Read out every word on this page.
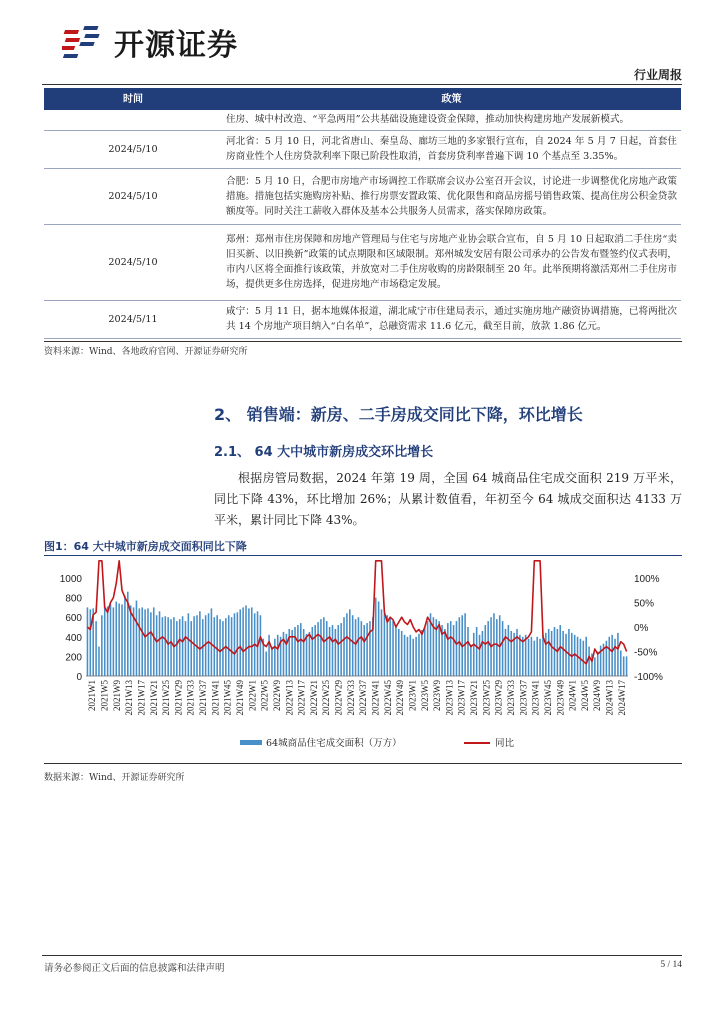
开源证券
行业周报
时间	政策
	住房、城中村改造、“平急两用”公共基础设施建设资金保障，推动加快构建房地产发展新模式。
2024/5/10	河北省：5 月 10 日，河北省唐山、秦皇岛、廊坊三地的多家银行宣布，自 2024 年 5 月 7 日起，首套住房商业性个人住房贷款利率下限已阶段性取消，首套房贷利率普遍下调 10 个基点至 3.35%。
2024/5/10	合肥：5 月 10 日，合肥市房地产市场调控工作联席会议办公室召开会议，讨论进一步调整优化房地产政策措施。措施包括实施购房补贴、推行房票安置政策、优化限售和商品房摇号销售政策、提高住房公积金贷款额度等。同时关注工薪收入群体及基本公共服务人员需求，落实保障房政策。
2024/5/10	郑州：郑州市住房保障和房地产管理局与住宅与房地产业协会联合宣布，自 5 月 10 日起取消二手住房“卖旧买新、以旧换新”政策的试点期限和区域限制。郑州城发安居有限公司承办的公告发布暨签约仪式表明，市内八区将全面推行该政策，并放宽对二手住房收购的房龄限制至 20 年。此举预期将激活郑州二手住房市场，提供更多住房选择，促进房地产市场稳定发展。
2024/5/11	咸宁：5 月 11 日，据本地媒体报道，湖北咸宁市住建局表示，通过实施房地产融资协调措施，已将两批次共 14 个房地产项目纳入“白名单”，总融资需求 11.6 亿元，截至目前，放款 1.86 亿元。
资料来源：Wind、各地政府官网、开源证券研究所
2、 销售端：新房、二手房成交同比下降，环比增长
2.1、 64 大中城市新房成交环比增长

根据房管局数据，2024 年第 19 周，全国 64 城商品住宅成交面积 219 万平米，同比下降 43%，环比增加 26%；从累计数值看，年初至今 64 城成交面积达 4133 万平米，累计同比下降 43%。

图1：64 大中城市新房成交面积同比下降
0
200
400
600
800
1000
-100%
-50%
0%
50%
100%
2021W1 2021W5 2021W9 2021W13 2021W17 2021W21 2021W25 2021W29 2021W33 2021W37 2021W41 2021W45 2021W49 2022W1 2022W5 2022W9 2022W13 2022W17 2022W21 2022W25 2022W29 2022W33 2022W37 2022W41 2022W45 2022W49 2023W1 2023W5 2023W9 2023W13 2023W17 2023W21 2023W25 2023W29 2023W33 2023W37 2023W41 2023W45 2023W49 2024W1 2024W5 2024W9 2024W13 2024W17
64城商品住宅成交面积（万方）	同比
数据来源：Wind、开源证券研究所
请务必参阅正文后面的信息披露和法律声明	5 / 14
